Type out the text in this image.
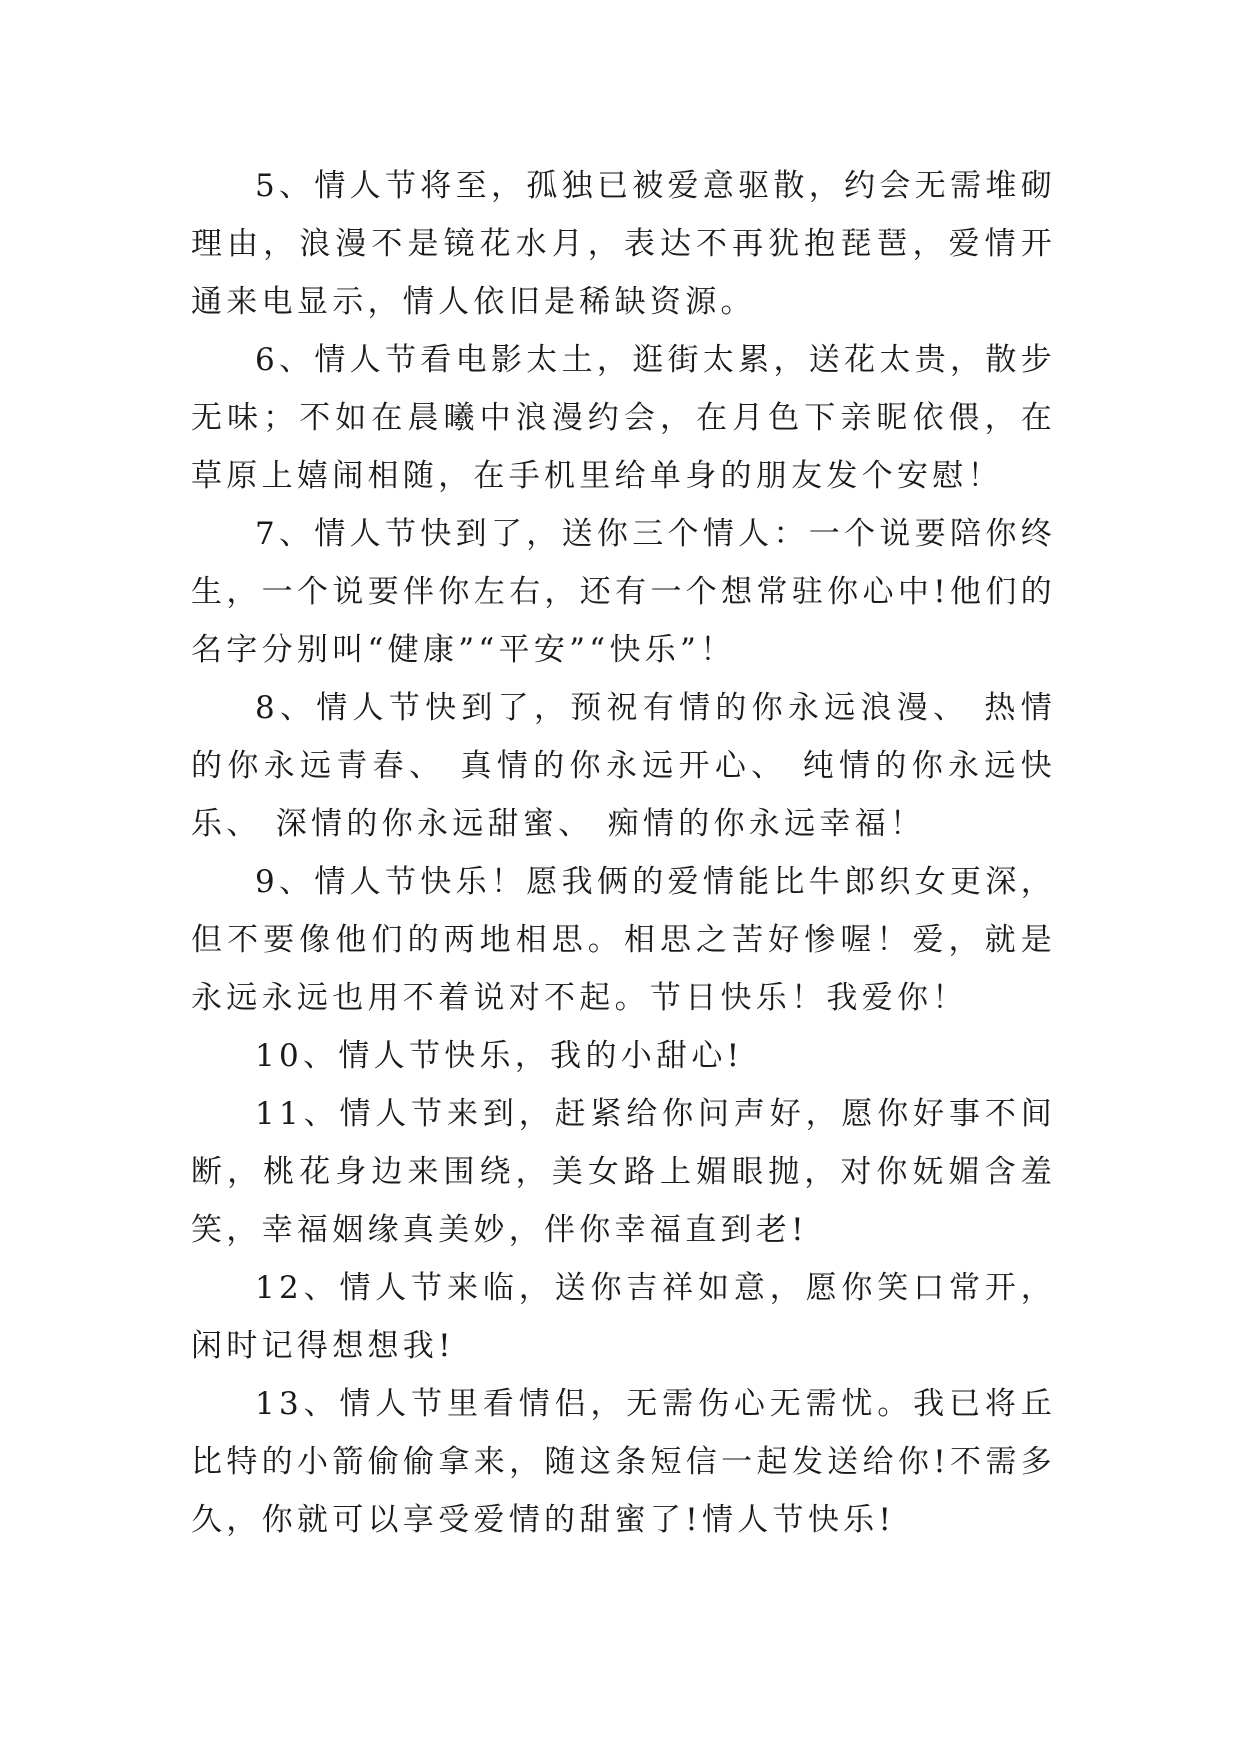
5、情人节将至，孤独已被爱意驱散，约会无需堆砌理由，浪漫不是镜花水月，表达不再犹抱琵琶，爱情开通来电显示，情人依旧是稀缺资源。

6、情人节看电影太土，逛街太累，送花太贵，散步无味；不如在晨曦中浪漫约会，在月色下亲昵依偎，在草原上嬉闹相随，在手机里给单身的朋友发个安慰！

7、情人节快到了，送你三个情人：一个说要陪你终生，一个说要伴你左右，还有一个想常驻你心中!他们的名字分别叫“健康”“平安”“快乐”！

8、情人节快到了，预祝有情的你永远浪漫、 热情的你永远青春、 真情的你永远开心、 纯情的你永远快乐、 深情的你永远甜蜜、 痴情的你永远幸福！

9、情人节快乐！愿我俩的爱情能比牛郎织女更深，但不要像他们的两地相思。相思之苦好惨喔！爱，就是永远永远也用不着说对不起。节日快乐！我爱你！

10、情人节快乐，我的小甜心!

11、情人节来到，赶紧给你问声好，愿你好事不间断，桃花身边来围绕，美女路上媚眼抛，对你妩媚含羞笑，幸福姻缘真美妙，伴你幸福直到老!

12、情人节来临，送你吉祥如意，愿你笑口常开，闲时记得想想我!

13、情人节里看情侣，无需伤心无需忧。我已将丘比特的小箭偷偷拿来，随这条短信一起发送给你!不需多久，你就可以享受爱情的甜蜜了!情人节快乐!
